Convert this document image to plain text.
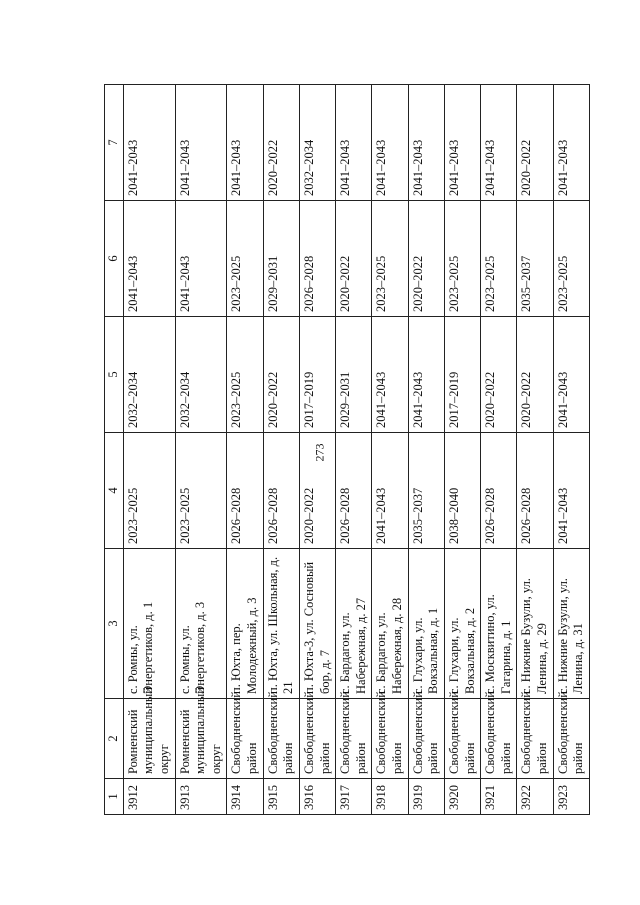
273
1	2	3	4	5	6	7
3912	Ромненский муниципальный округ	с. Ромны, ул. Энергетиков, д. 1	2023–2025	2032–2034	2041–2043	2041–2043
3913	Ромненский муниципальный округ	с. Ромны, ул. Энергетиков, д. 3	2023–2025	2032–2034	2041–2043	2041–2043
3914	Свободненский район	п. Юхта, пер. Молодежный, д. 3	2026–2028	2023–2025	2023–2025	2041–2043
3915	Свободненский район	п. Юхта, ул. Школьная, д. 21	2026–2028	2020–2022	2029–2031	2020–2022
3916	Свободненский район	п. Юхта-3, ул. Сосновый бор, д. 7	2020–2022	2017–2019	2026–2028	2032–2034
3917	Свободненский район	с. Бардагон, ул. Набережная, д. 27	2026–2028	2029–2031	2020–2022	2041–2043
3918	Свободненский район	с. Бардагон, ул. Набережная, д. 28	2041–2043	2041–2043	2023–2025	2041–2043
3919	Свободненский район	с. Глухари, ул. Вокзальная, д. 1	2035–2037	2041–2043	2020–2022	2041–2043
3920	Свободненский район	с. Глухари, ул. Вокзальная, д. 2	2038–2040	2017–2019	2023–2025	2041–2043
3921	Свободненский район	с. Москвитино, ул. Гагарина, д. 1	2026–2028	2020–2022	2023–2025	2041–2043
3922	Свободненский район	с. Нижние Бузули, ул. Ленина, д. 29	2026–2028	2020–2022	2035–2037	2020–2022
3923	Свободненский район	с. Нижние Бузули, ул. Ленина, д. 31	2041–2043	2041–2043	2023–2025	2041–2043
